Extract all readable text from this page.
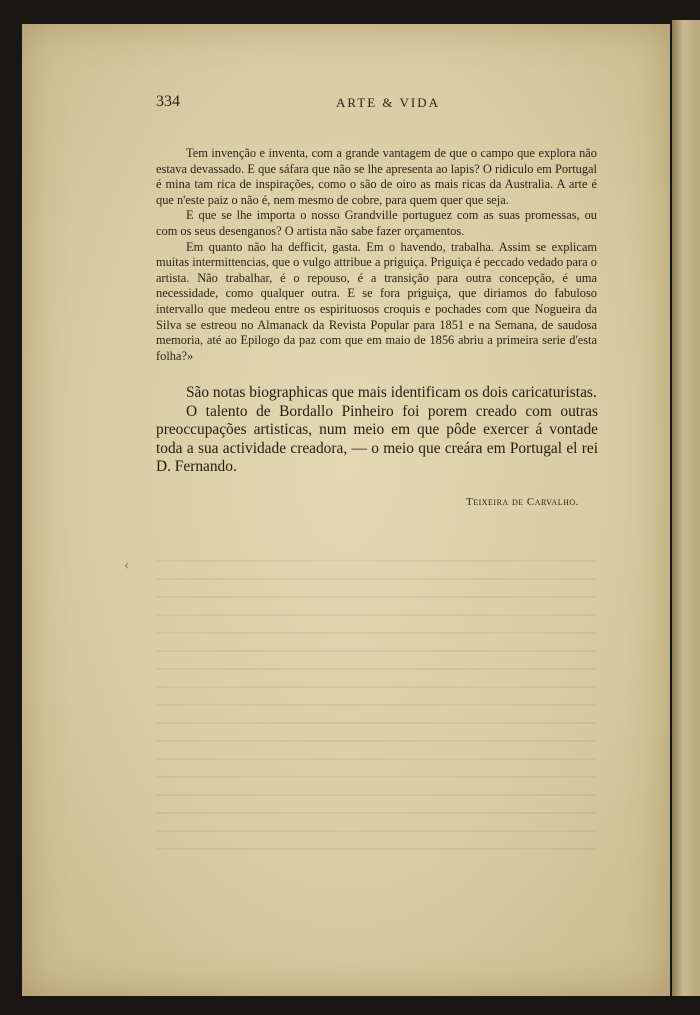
334	ARTE & VIDA

Tem invenção e inventa, com a grande vantagem de que o campo que explora não estava devassado. E que sáfara que não se lhe apresenta ao lapis? O ridiculo em Portugal é mina tam rica de inspirações, como o são de oiro as mais ricas da Australia. A arte é que n'este paiz o não é, nem mesmo de cobre, para quem quer que seja.

E que se lhe importa o nosso Grandville portuguez com as suas promessas, ou com os seus desenganos? O artista não sabe fazer orçamentos.

Em quanto não ha defficit, gasta. Em o havendo, trabalha. Assim se explicam muitas intermittencias, que o vulgo attribue a priguiça. Priguiça é peccado vedado para o artista. Não trabalhar, é o repouso, é a transição para outra concepção, é uma necessidade, como qualquer outra. E se fora priguiça, que diriamos do fabuloso intervallo que medeou entre os espirituosos croquis e pochades com que Nogueira da Silva se estreou no Almanack da Revista Popular para 1851 e na Semana, de saudosa memoria, até ao Epilogo da paz com que em maio de 1856 abriu a primeira serie d'esta folha?»

São notas biographicas que mais identificam os dois caricaturistas.

O talento de Bordallo Pinheiro foi porem creado com outras preoccupações artisticas, num meio em que pôde exercer á vontade toda a sua actividade creadora, — o meio que creára em Portugal el rei D. Fernando.

Teixeira de Carvalho.
‹
